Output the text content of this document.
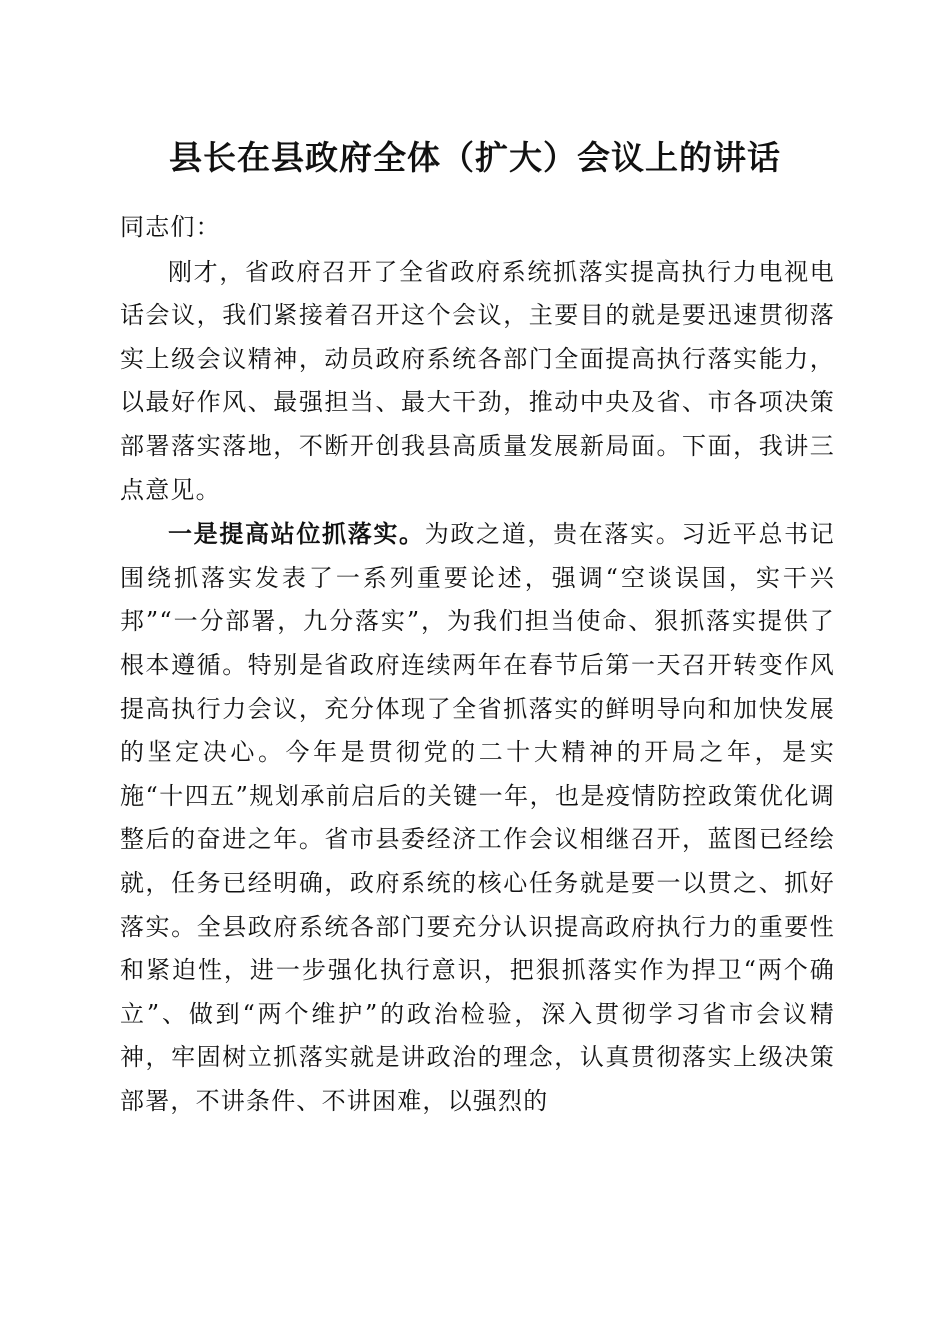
县长在县政府全体（扩大）会议上的讲话

同志们：

刚才，省政府召开了全省政府系统抓落实提高执行力电视电话会议，我们紧接着召开这个会议，主要目的就是要迅速贯彻落实上级会议精神，动员政府系统各部门全面提高执行落实能力，以最好作风、最强担当、最大干劲，推动中央及省、市各项决策部署落实落地，不断开创我县高质量发展新局面。下面，我讲三点意见。

一是提高站位抓落实。为政之道，贵在落实。习近平总书记围绕抓落实发表了一系列重要论述，强调“空谈误国，实干兴邦”“一分部署，九分落实”，为我们担当使命、狠抓落实提供了根本遵循。特别是省政府连续两年在春节后第一天召开转变作风提高执行力会议，充分体现了全省抓落实的鲜明导向和加快发展的坚定决心。今年是贯彻党的二十大精神的开局之年，是实施“十四五”规划承前启后的关键一年，也是疫情防控政策优化调整后的奋进之年。省市县委经济工作会议相继召开，蓝图已经绘就，任务已经明确，政府系统的核心任务就是要一以贯之、抓好落实。全县政府系统各部门要充分认识提高政府执行力的重要性和紧迫性，进一步强化执行意识，把狠抓落实作为捍卫“两个确立”、做到“两个维护”的政治检验，深入贯彻学习省市会议精神，牢固树立抓落实就是讲政治的理念，认真贯彻落实上级决策部署，不讲条件、不讲困难，以强烈的
